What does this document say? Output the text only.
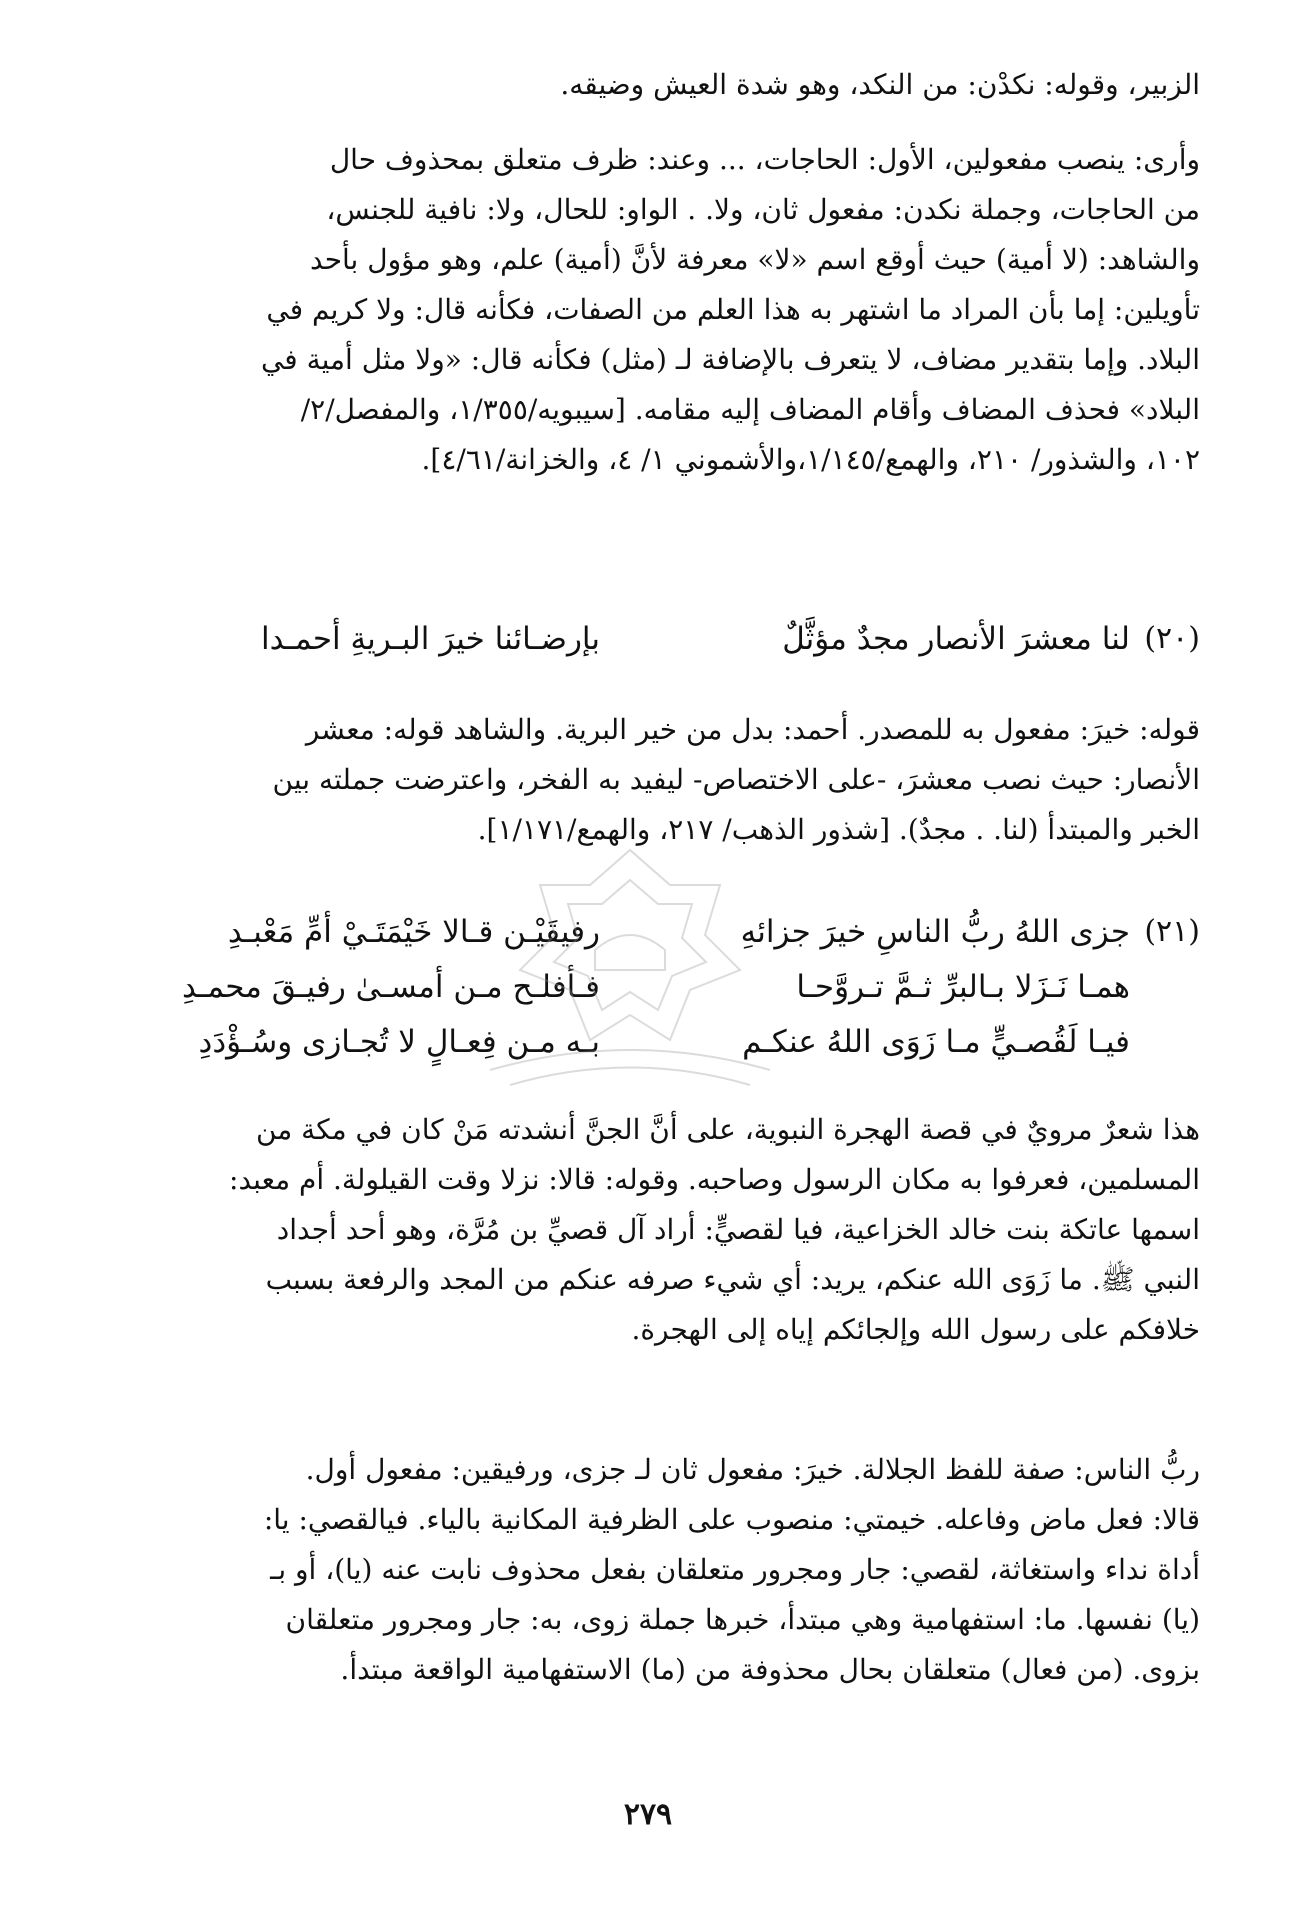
الزبير، وقوله: نكدْن: من النكد، وهو شدة العيش وضيقه.
وأرى: ينصب مفعولين، الأول: الحاجات، ... وعند: ظرف متعلق بمحذوف حال
من الحاجات، وجملة نكدن: مفعول ثان، ولا. . الواو: للحال، ولا: نافية للجنس،
والشاهد: (لا أمية) حيث أوقع اسم «لا» معرفة لأنَّ (أمية) علم، وهو مؤول بأحد
تأويلين: إما بأن المراد ما اشتهر به هذا العلم من الصفات، فكأنه قال: ولا كريم في
البلاد. وإما بتقدير مضاف، لا يتعرف بالإضافة لـ (مثل) فكأنه قال: «ولا مثل أمية في
البلاد» فحذف المضاف وأقام المضاف إليه مقامه. [سيبويه/١/٣٥٥، والمفصل/٢/
١٠٢، والشذور/ ٢١٠، والهمع/١/١٤٥،والأشموني ١/ ٤، والخزانة/٤/٦١].
(٢٠)
لنا معشرَ الأنصار مجدٌ مؤثَّلٌ
بإرضـائنا خيرَ البـريةِ أحمـدا
قوله: خيرَ: مفعول به للمصدر. أحمد: بدل من خير البرية. والشاهد قوله: معشر
الأنصار: حيث نصب معشرَ، -على الاختصاص- ليفيد به الفخر، واعترضت جملته بين
الخبر والمبتدأ (لنا. . مجدٌ). [شذور الذهب/ ٢١٧، والهمع/١/١٧١].
(٢١)
جزى اللهُ ربُّ الناسِ خيرَ جزائهِ
رفيقَيْـن قـالا خَيْمَتَـيْ أمِّ مَعْبـدِ
همـا نَـزَلا بـالبرِّ ثـمَّ تـروَّحـا
فـأفلـح مـن أمسـىٰ رفيـقَ محمـدِ
فيـا لَقُصـيٍّ مـا زَوَى اللهُ عنكـم
بـه مـن فِعـالٍ لا تُجـازى وسُـؤْدَدِ
هذا شعرٌ مرويٌ في قصة الهجرة النبوية، على أنَّ الجنَّ أنشدته مَنْ كان في مكة من
المسلمين، فعرفوا به مكان الرسول وصاحبه. وقوله: قالا: نزلا وقت القيلولة. أم معبد:
اسمها عاتكة بنت خالد الخزاعية، فيا لقصيٍّ: أراد آل قصيِّ بن مُرَّة، وهو أحد أجداد
النبي ﷺ. ما زَوَى الله عنكم، يريد: أي شيء صرفه عنكم من المجد والرفعة بسبب
خلافكم على رسول الله وإلجائكم إياه إلى الهجرة.
ربُّ الناس: صفة للفظ الجلالة. خيرَ: مفعول ثان لـ جزى، ورفيقين: مفعول أول.
قالا: فعل ماض وفاعله. خيمتي: منصوب على الظرفية المكانية بالياء. فيالقصي: يا:
أداة نداء واستغاثة، لقصي: جار ومجرور متعلقان بفعل محذوف نابت عنه (يا)، أو بـ
(يا) نفسها. ما: استفهامية وهي مبتدأ، خبرها جملة زوى، به: جار ومجرور متعلقان
بزوى. (من فعال) متعلقان بحال محذوفة من (ما) الاستفهامية الواقعة مبتدأ.
٢٧٩
